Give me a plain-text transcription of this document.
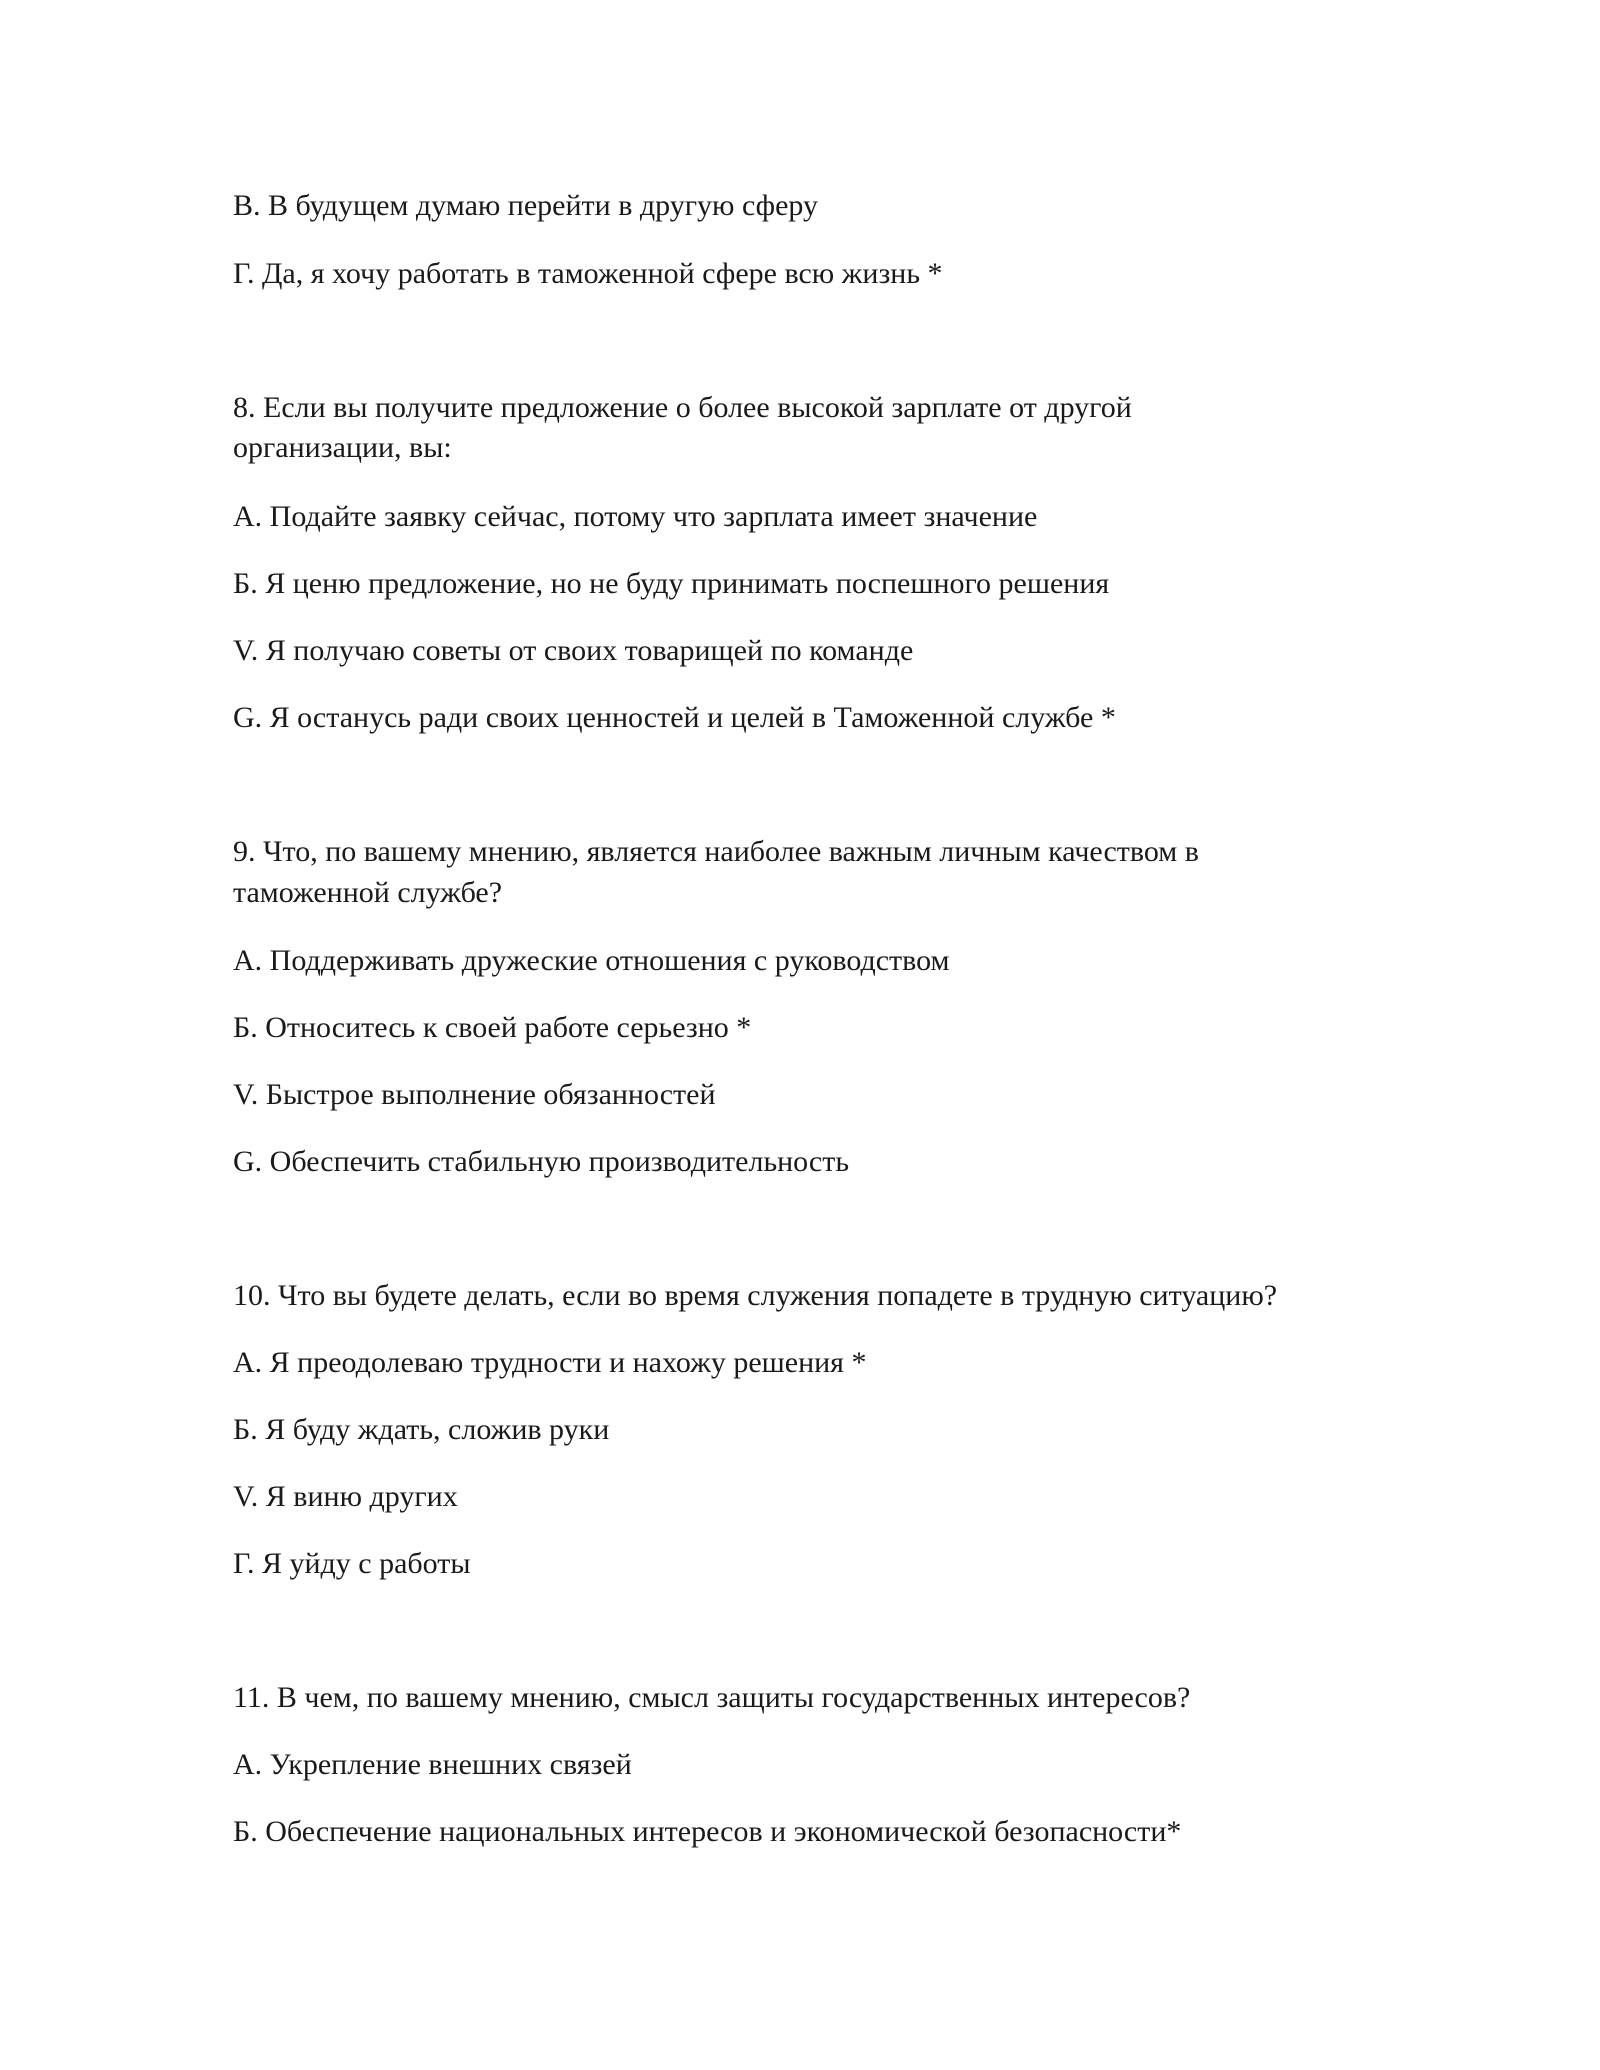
В. В будущем думаю перейти в другую сферу

Г. Да, я хочу работать в таможенной сфере всю жизнь *

8. Если вы получите предложение о более высокой зарплате от другой

организации, вы:

А. Подайте заявку сейчас, потому что зарплата имеет значение

Б. Я ценю предложение, но не буду принимать поспешного решения

V. Я получаю советы от своих товарищей по команде

G. Я останусь ради своих ценностей и целей в Таможенной службе *

9. Что, по вашему мнению, является наиболее важным личным качеством в

таможенной службе?

А. Поддерживать дружеские отношения с руководством

Б. Относитесь к своей работе серьезно *

V. Быстрое выполнение обязанностей

G. Обеспечить стабильную производительность

10. Что вы будете делать, если во время служения попадете в трудную ситуацию?

А. Я преодолеваю трудности и нахожу решения *

Б. Я буду ждать, сложив руки

V. Я виню других

Г. Я уйду с работы

11. В чем, по вашему мнению, смысл защиты государственных интересов?

А. Укрепление внешних связей

Б. Обеспечение национальных интересов и экономической безопасности*
